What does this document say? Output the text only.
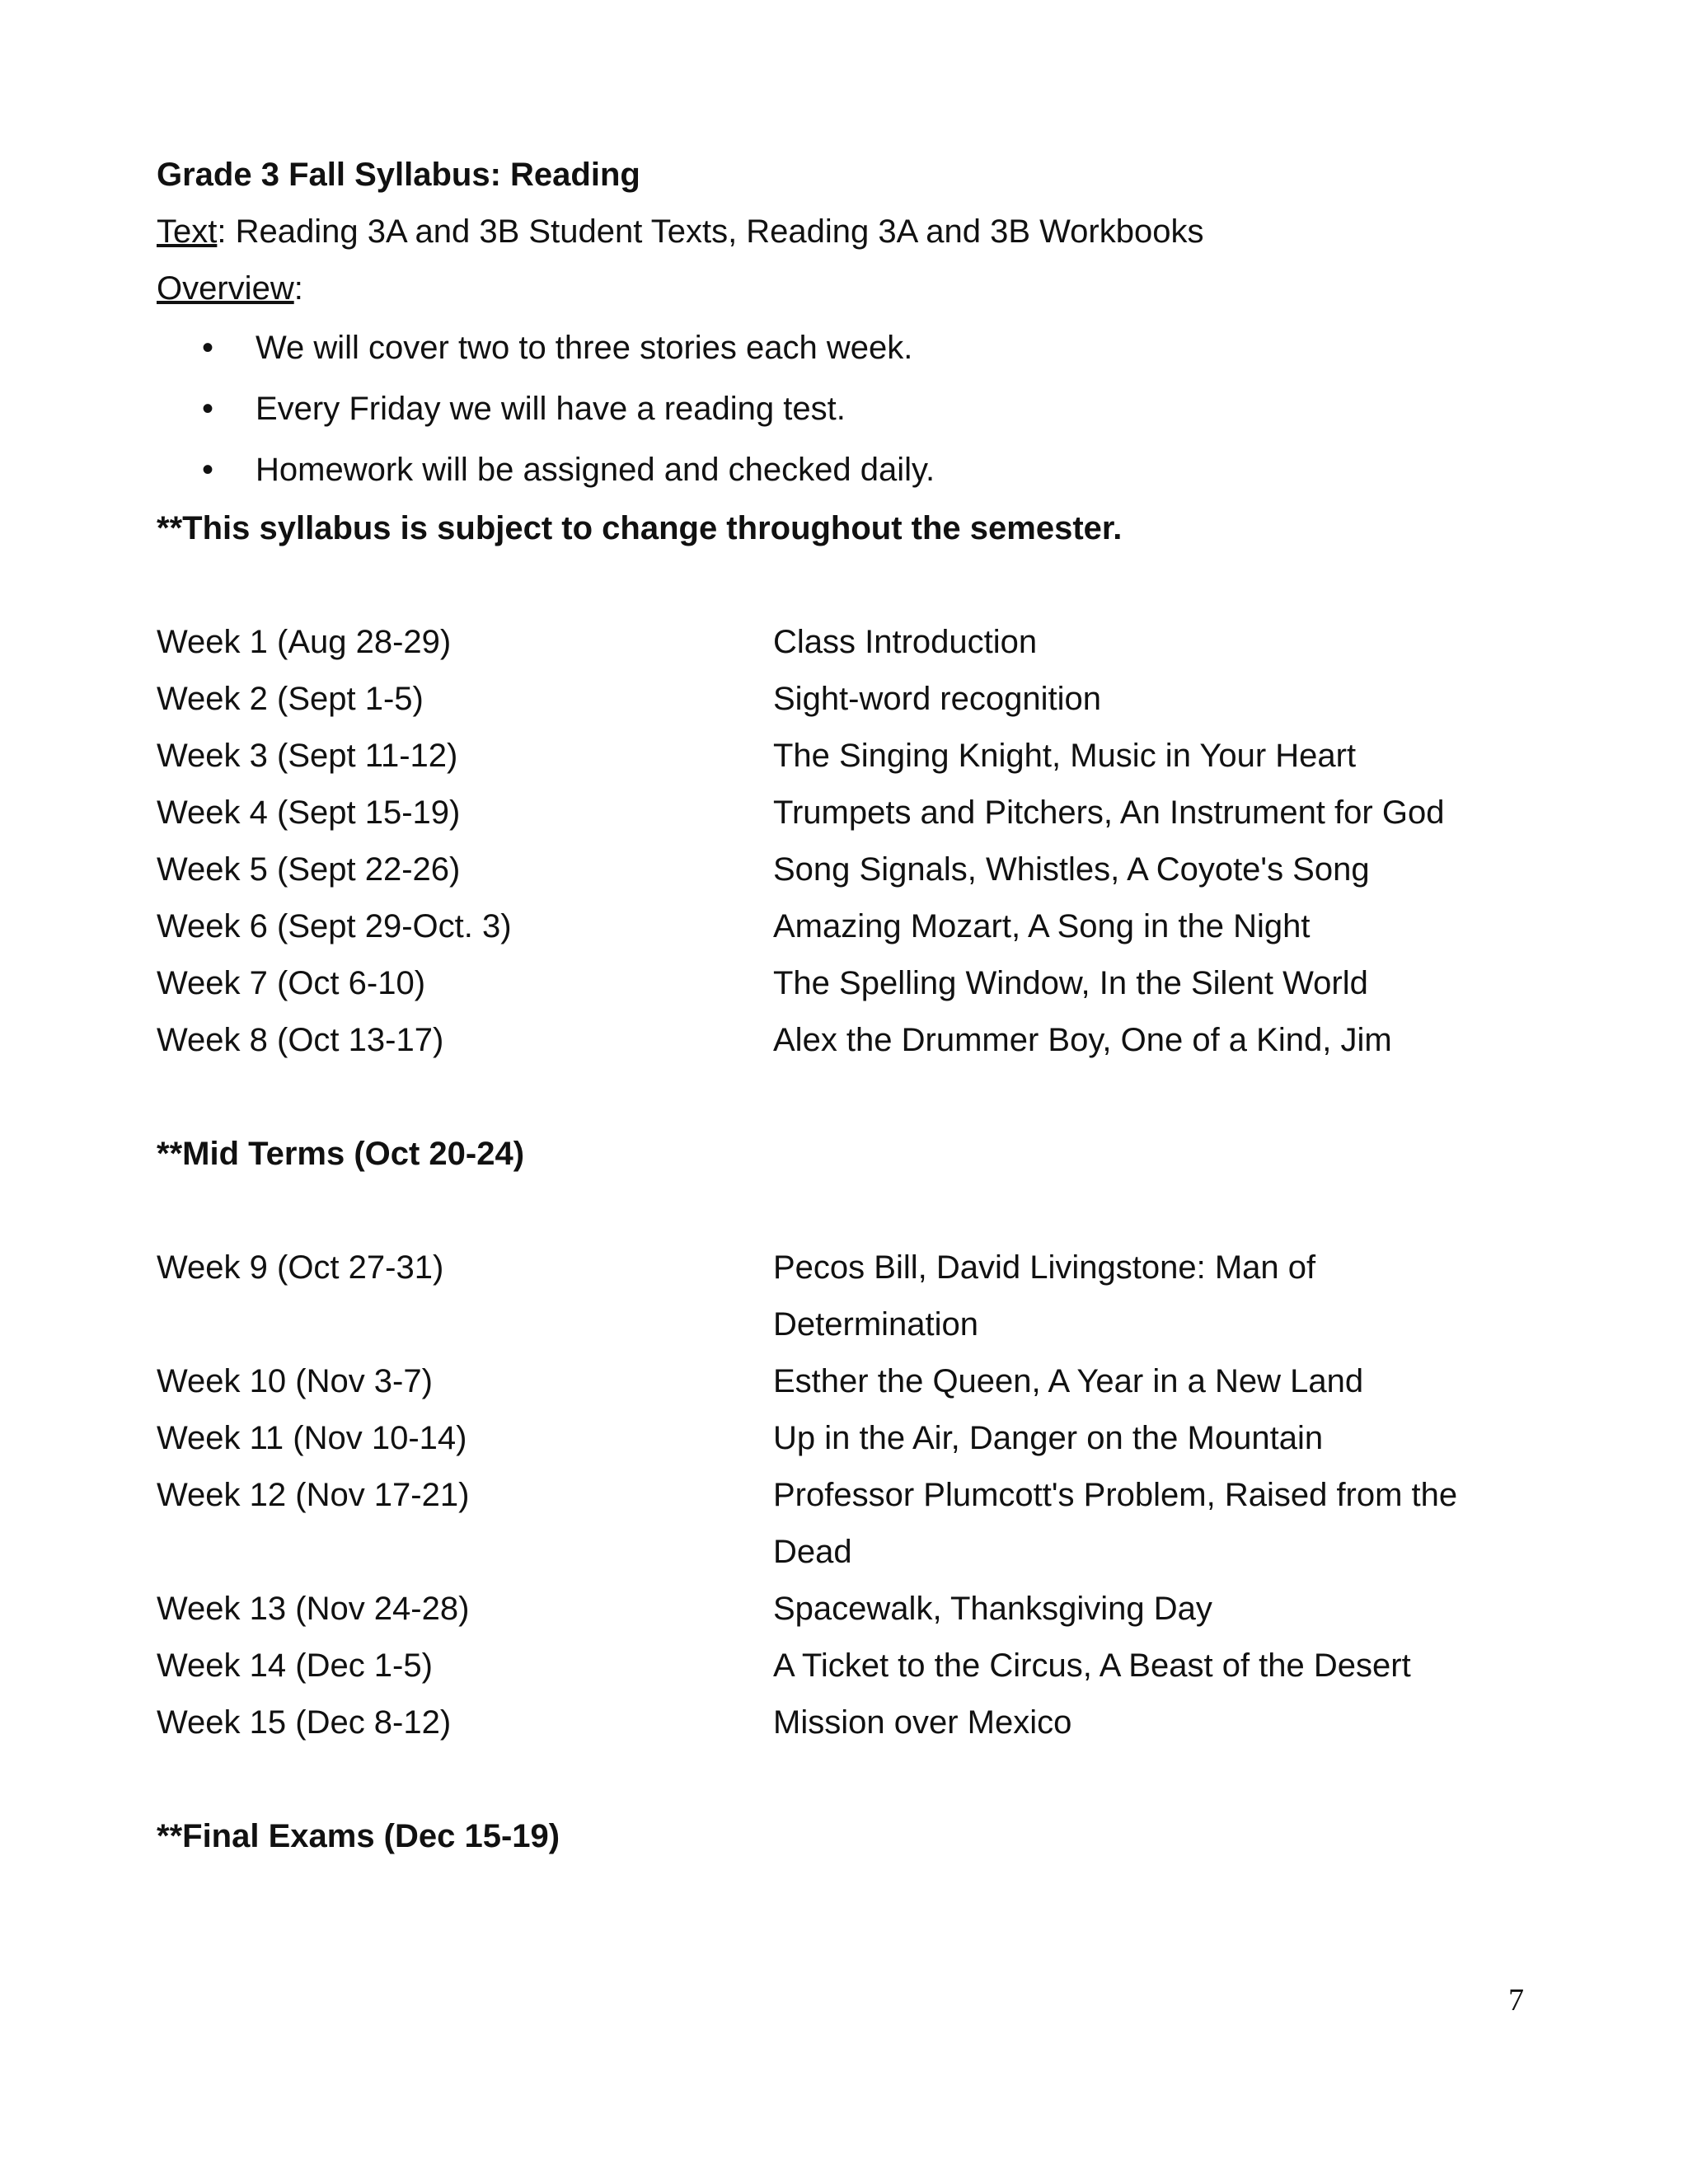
Grade 3 Fall Syllabus: Reading
Text: Reading 3A and 3B Student Texts, Reading 3A and 3B Workbooks
Overview:
• We will cover two to three stories each week.
• Every Friday we will have a reading test.
• Homework will be assigned and checked daily.
**This syllabus is subject to change throughout the semester.
Week 1 (Aug 28-29)	Class Introduction
Week 2 (Sept 1-5)	Sight-word recognition
Week 3 (Sept 11-12)	The Singing Knight, Music in Your Heart
Week 4 (Sept 15-19)	Trumpets and Pitchers, An Instrument for God
Week 5 (Sept 22-26)	Song Signals, Whistles, A Coyote's Song
Week 6 (Sept 29-Oct. 3)	Amazing Mozart, A Song in the Night
Week 7 (Oct 6-10)	The Spelling Window, In the Silent World
Week 8 (Oct 13-17)	Alex the Drummer Boy, One of a Kind, Jim
**Mid Terms (Oct 20-24)
Week 9 (Oct 27-31)	Pecos Bill, David Livingstone: Man of Determination
Week 10 (Nov 3-7)	Esther the Queen, A Year in a New Land
Week 11 (Nov 10-14)	Up in the Air, Danger on the Mountain
Week 12 (Nov 17-21)	Professor Plumcott's Problem, Raised from the Dead
Week 13 (Nov 24-28)	Spacewalk, Thanksgiving Day
Week 14 (Dec 1-5)	A Ticket to the Circus, A Beast of the Desert
Week 15 (Dec 8-12)	Mission over Mexico
**Final Exams (Dec 15-19)
7
